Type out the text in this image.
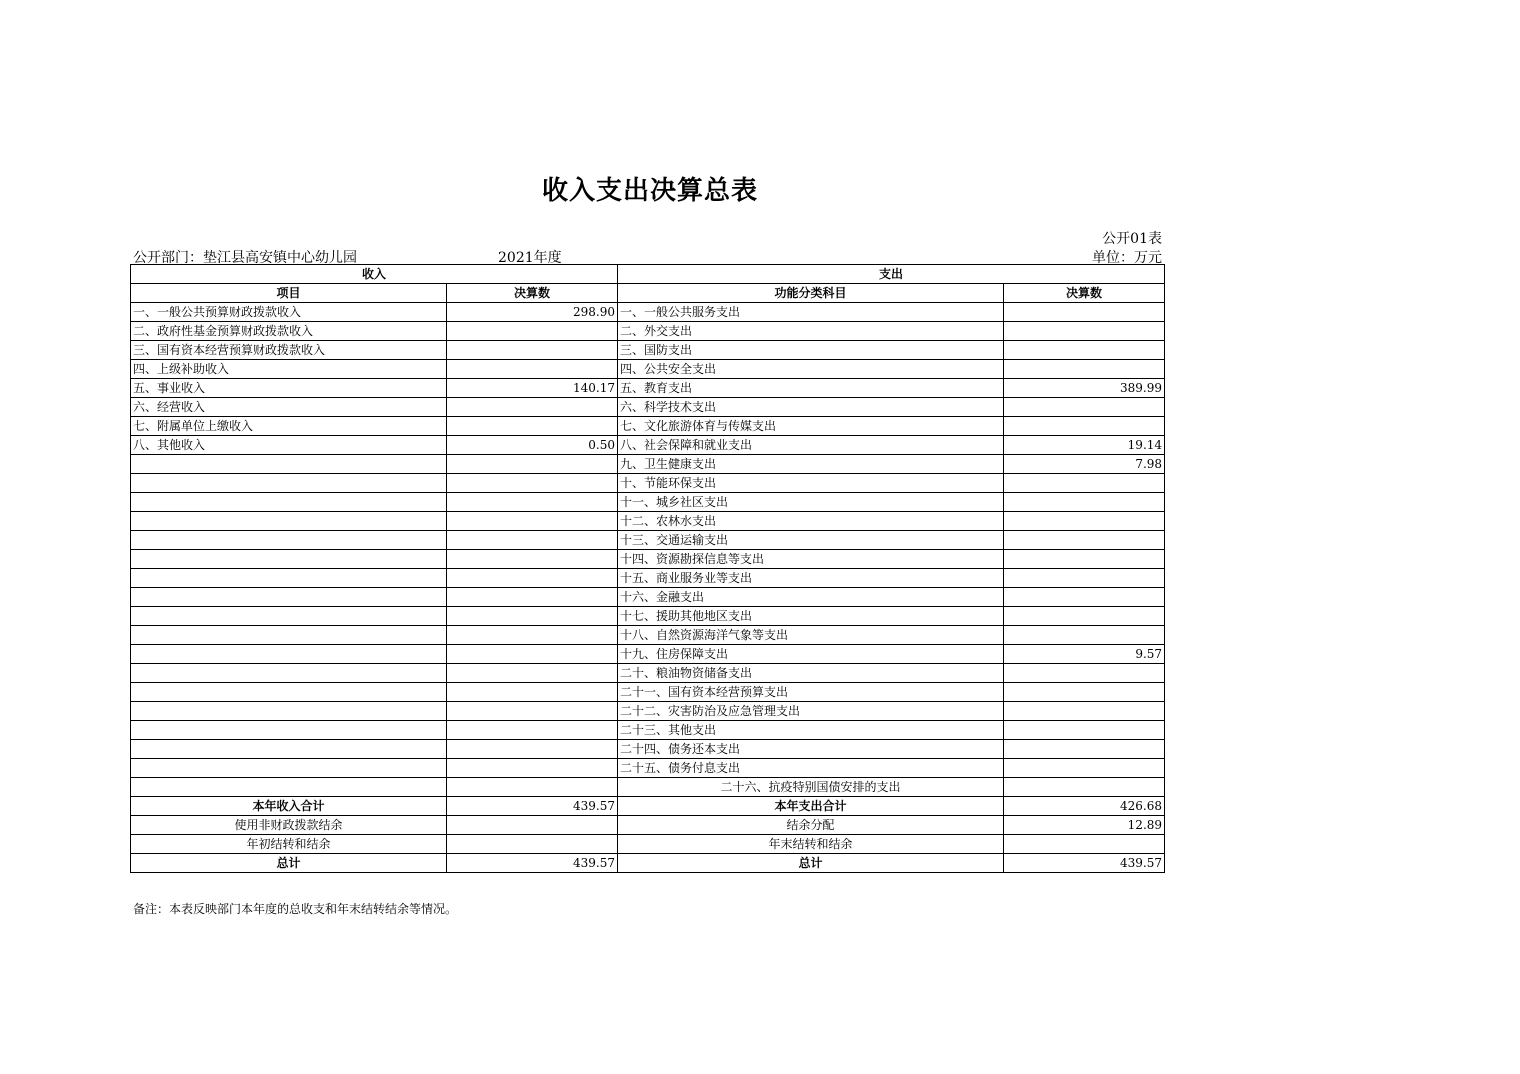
收入支出决算总表
公开01表
公开部门：垫江县高安镇中心幼儿园	2021年度	单位：万元
收入		支出	
项目	决算数	功能分类科目	决算数
一、一般公共预算财政拨款收入	298.90	一、一般公共服务支出	
二、政府性基金预算财政拨款收入		二、外交支出	
三、国有资本经营预算财政拨款收入		三、国防支出	
四、上级补助收入		四、公共安全支出	
五、事业收入	140.17	五、教育支出	389.99
六、经营收入		六、科学技术支出	
七、附属单位上缴收入		七、文化旅游体育与传媒支出	
八、其他收入	0.50	八、社会保障和就业支出	19.14
		九、卫生健康支出	7.98
		十、节能环保支出	
		十一、城乡社区支出	
		十二、农林水支出	
		十三、交通运输支出	
		十四、资源勘探信息等支出	
		十五、商业服务业等支出	
		十六、金融支出	
		十七、援助其他地区支出	
		十八、自然资源海洋气象等支出	
		十九、住房保障支出	9.57
		二十、粮油物资储备支出	
		二十一、国有资本经营预算支出	
		二十二、灾害防治及应急管理支出	
		二十三、其他支出	
		二十四、债务还本支出	
		二十五、债务付息支出	
		二十六、抗疫特别国债安排的支出	
本年收入合计	439.57	本年支出合计	426.68
使用非财政拨款结余		结余分配	12.89
年初结转和结余		年末结转和结余	
总计	439.57	总计	439.57
备注：本表反映部门本年度的总收支和年末结转结余等情况。
